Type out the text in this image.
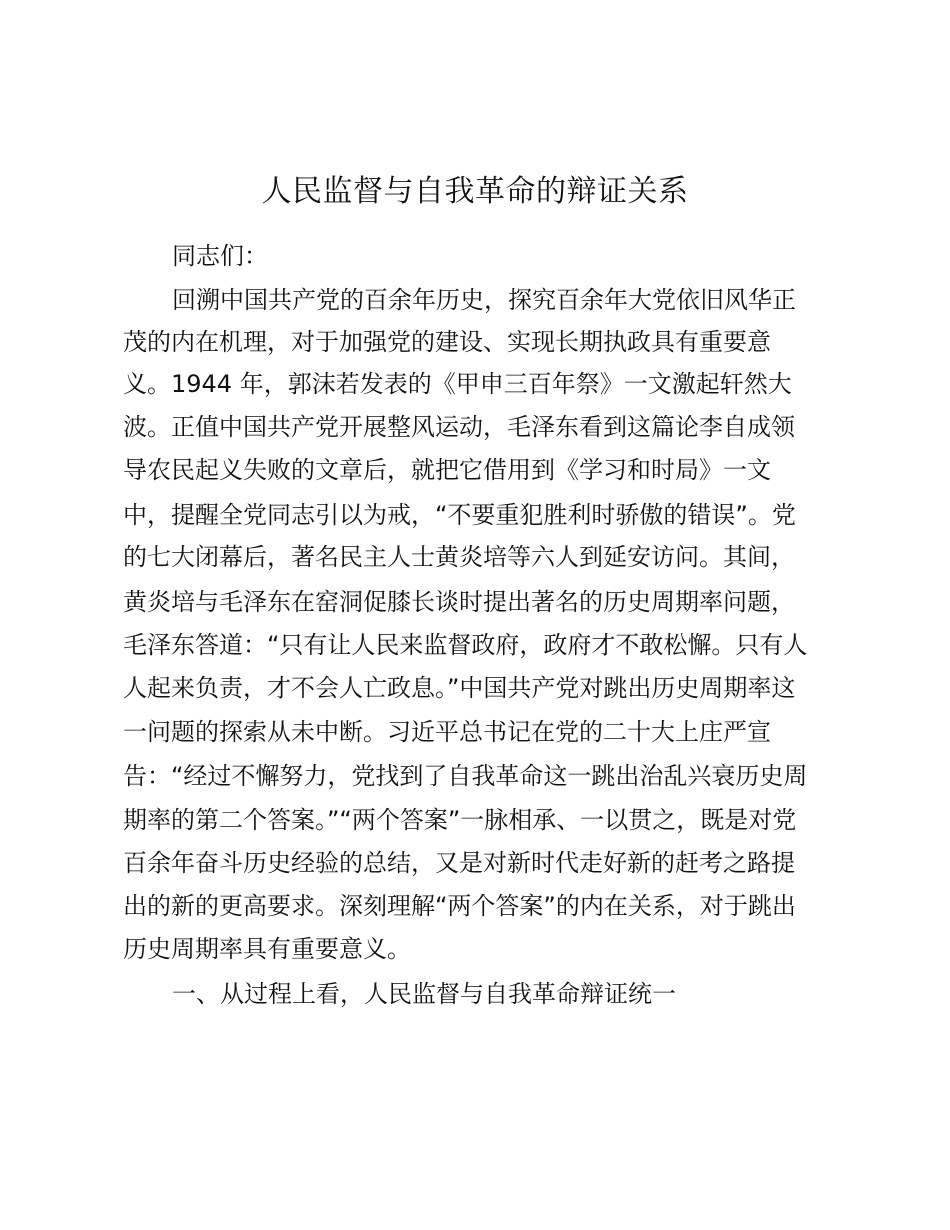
人民监督与自我革命的辩证关系
同志们：
回溯中国共产党的百余年历史，探究百余年大党依旧风华正
茂的内在机理，对于加强党的建设、实现长期执政具有重要意
义。1944 年，郭沫若发表的《甲申三百年祭》一文激起轩然大
波。正值中国共产党开展整风运动，毛泽东看到这篇论李自成领
导农民起义失败的文章后，就把它借用到《学习和时局》一文
中，提醒全党同志引以为戒，“不要重犯胜利时骄傲的错误”。党
的七大闭幕后，著名民主人士黄炎培等六人到延安访问。其间，
黄炎培与毛泽东在窑洞促膝长谈时提出著名的历史周期率问题，
毛泽东答道：“只有让人民来监督政府，政府才不敢松懈。只有人
人起来负责，才不会人亡政息。”中国共产党对跳出历史周期率这
一问题的探索从未中断。习近平总书记在党的二十大上庄严宣
告：“经过不懈努力，党找到了自我革命这一跳出治乱兴衰历史周
期率的第二个答案。”“两个答案”一脉相承、一以贯之，既是对党
百余年奋斗历史经验的总结，又是对新时代走好新的赶考之路提
出的新的更高要求。深刻理解“两个答案”的内在关系，对于跳出
历史周期率具有重要意义。
一、从过程上看，人民监督与自我革命辩证统一
